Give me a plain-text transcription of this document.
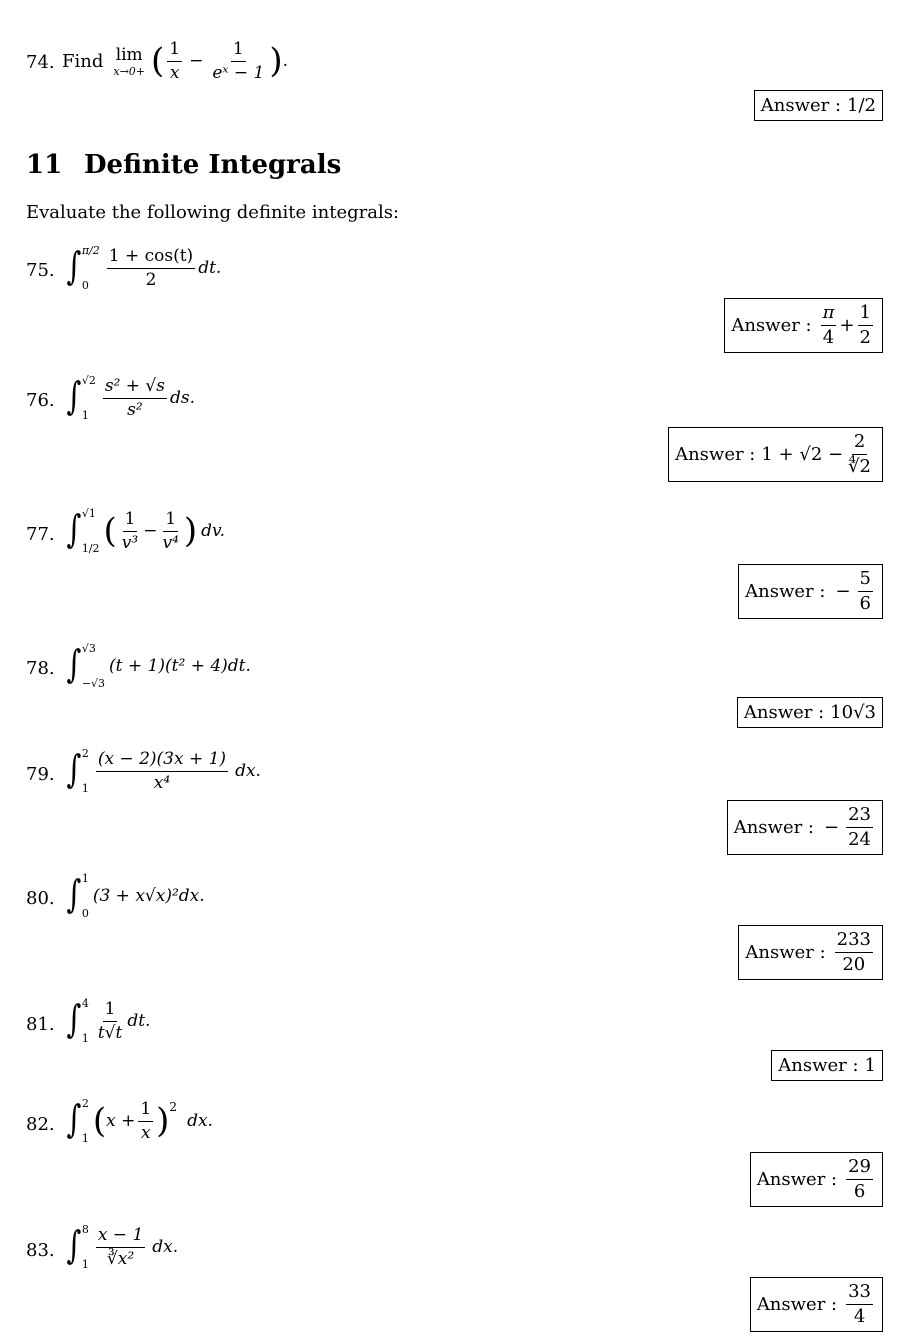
74. Find lim
x→0+ ( $\frac{1}{x} - \frac{1}{\text{eˣ − 1}}$ ) .
Answer : 1/2
11 Definite Integrals
Evaluate the following definite integrals:
75. ∫ π/2
0	$\frac{1 + \cos(t)}{2}$ dt.
Answer : $\frac{\pi}{4} + \frac{1}{2}$
76. ∫ √2
$1 \frac{\text{s² + √s}}{\text{s²}}$ ds.
Answer : $1 + √2 - \frac{2}{∜2}$
77. ∫ √1
1/2 ( $\frac{1}{\text{v³}} - \frac{1}{\text{v⁴}}$ ) dv.
Answer : − $\frac{5}{6}$
78. ∫ √3
−√3
(t + 1)(t² + 4)dt.
Answer : 10√3
79. ∫ 2
$1 \frac{(x - 2)(3x + 1)}{\text{x⁴}}$ dx.
Answer : − $\frac{23}{24}$
80. ∫ 1
0
(3 + x√x)²dx.
Answer : $\frac{233}{20}$
81. ∫ 4
$1 \frac{1}{t√t}$ dt.
Answer : 1
82. ∫ 2
1 ( $x + \frac{1}{x}$ ) 2
dx.
Answer : $\frac{29}{6}$
83. ∫ 8
$1 \frac{x - 1}{\text{∛x²}}$ dx.
Answer : $\frac{33}{4}$
